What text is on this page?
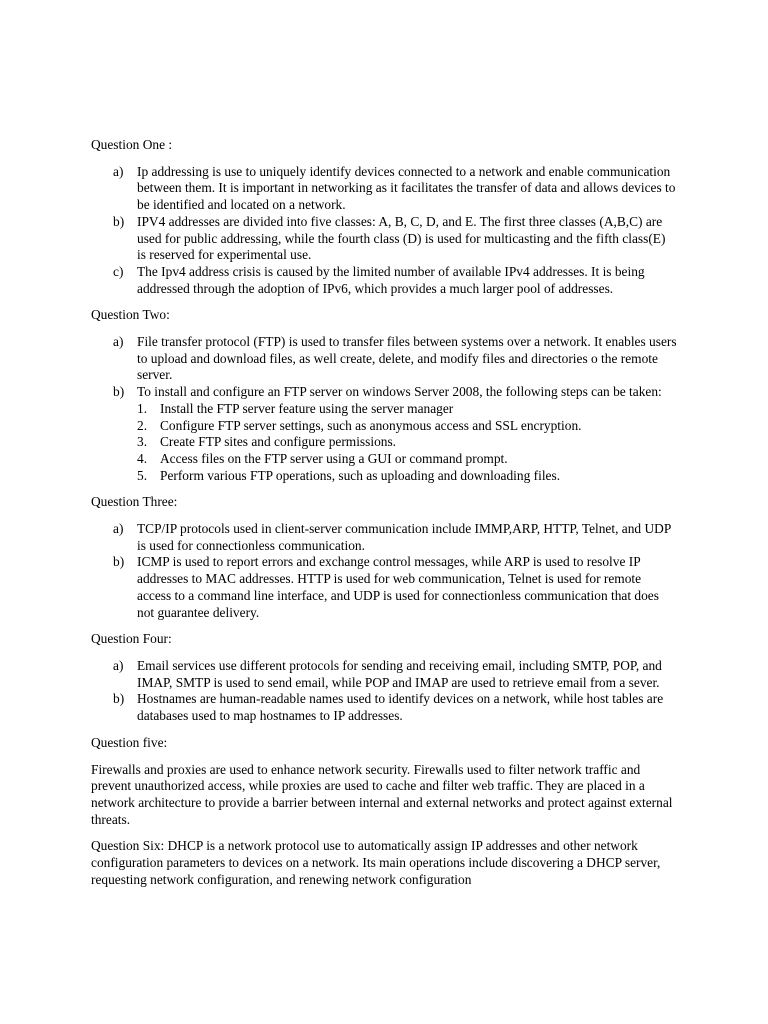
Question One :
a) Ip addressing is use to uniquely identify devices connected to a network and enable communication between them. It is important in networking as it facilitates the transfer of data and allows devices to be identified and located on a network.
b) IPV4 addresses are divided into five classes: A, B, C, D, and E. The first three classes (A,B,C) are used for public addressing, while the fourth class (D) is used for multicasting and the fifth class(E) is reserved for experimental use.
c) The Ipv4 address crisis is caused by the limited number of available IPv4 addresses. It is being addressed through the adoption of IPv6, which provides a much larger pool of addresses.
Question Two:
a) File transfer protocol (FTP) is used to transfer files between systems over a network. It enables users to upload and download files, as well create, delete, and modify files and directories o the remote server.
b) To install and configure an FTP server on windows Server 2008, the following steps can be taken:
1. Install the FTP server feature using the server manager
2. Configure FTP server settings, such as anonymous access and SSL encryption.
3. Create FTP sites and configure permissions.
4. Access files on the FTP server using a GUI or command prompt.
5. Perform various FTP operations, such as uploading and downloading files.
Question Three:
a) TCP/IP protocols used in client-server communication include IMMP,ARP, HTTP, Telnet, and UDP is used for connectionless communication.
b) ICMP is used to report errors and exchange control messages, while ARP is used to resolve IP addresses to MAC addresses. HTTP is used for web communication, Telnet is used for remote access to a command line interface, and UDP is used for connectionless communication that does not guarantee delivery.
Question Four:
a) Email services use different protocols for sending and receiving email, including SMTP, POP, and IMAP, SMTP is used to send email, while POP and IMAP are used to retrieve email from a sever.
b) Hostnames are human-readable names used to identify devices on a network, while host tables are databases used to map hostnames to IP addresses.
Question five:

Firewalls and proxies are used to enhance network security. Firewalls used to filter network traffic and prevent unauthorized access, while proxies are used to cache and filter web traffic. They are placed in a network architecture to provide a barrier between internal and external networks and protect against external threats.

Question Six: DHCP is a network protocol use to automatically assign IP addresses and other network configuration parameters to devices on a network. Its main operations include discovering a DHCP server, requesting network configuration, and renewing network configuration
